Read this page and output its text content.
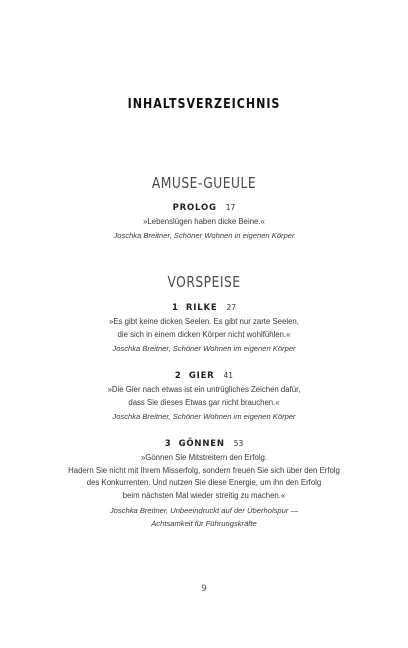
INHALTSVERZEICHNIS
AMUSE-GUEULE
PROLOG 17
»Lebenslügen haben dicke Beine.«
Joschka Breitner, Schöner Wohnen in eigenen Körper
VORSPEISE
1 RILKE 27
»Es gibt keine dicken Seelen. Es gibt nur zarte Seelen,
die sich in einem dicken Körper nicht wohlfühlen.«
Joschka Breitner, Schöner Wohnen im eigenen Körper
2 GIER 41
»Die Gier nach etwas ist ein untrügliches Zeichen dafür,
dass Sie dieses Etwas gar nicht brauchen.«
Joschka Breitner, Schöner Wohnen im eigenen Körper
3 GÖNNEN 53
»Gönnen Sie Mitstreitern den Erfolg.
Hadern Sie nicht mit Ihrem Misserfolg, sondern freuen Sie sich über den Erfolg
des Konkurrenten. Und nutzen Sie diese Energie, um ihn den Erfolg
beim nächsten Mal wieder streitig zu machen.«
Joschka Breitner, Unbeeindruckt auf der Überholspur —
Achtsamkeit für Führungskräfte
9
